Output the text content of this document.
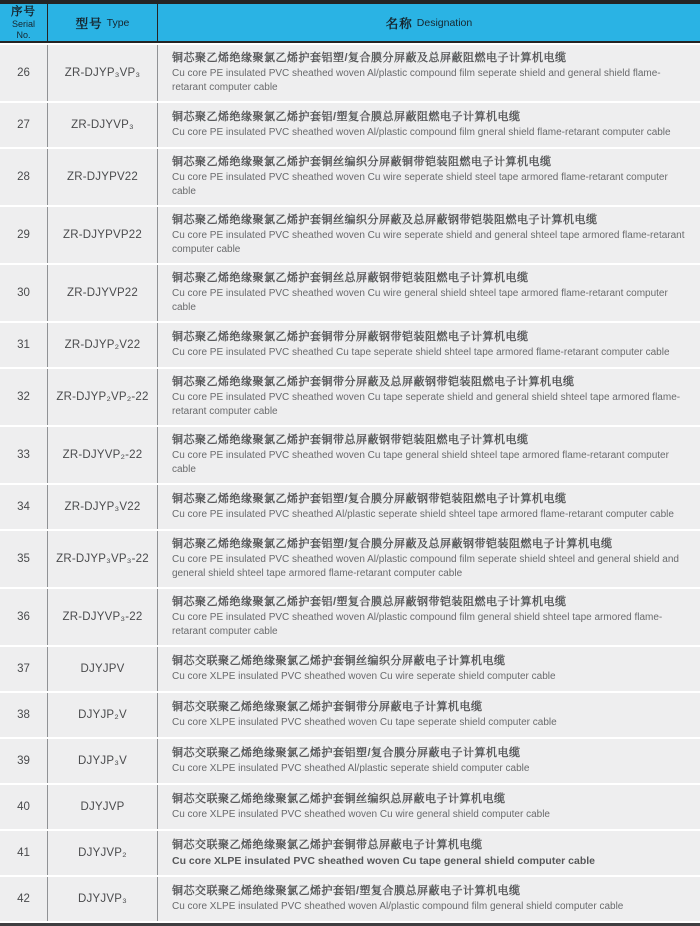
序号
Serial
No.
型号 Type	名称 Designation
26	ZR-DJYP₃VP₃
铜芯聚乙烯绝缘聚氯乙烯护套铝塑/复合膜分屏蔽及总屏蔽阻燃电子计算机电缆
Cu core PE insulated PVC sheathed woven Al/plastic compound film seperate shield and general shield flame-retarant computer cable
27	ZR-DJYVP₃
铜芯聚乙烯绝缘聚氯乙烯护套铝/塑复合膜总屏蔽阻燃电子计算机电缆
Cu core PE insulated PVC sheathed woven Al/plastic compound film gneral shield flame-retarant computer cable
28	ZR-DJYPV22
铜芯聚乙烯绝缘聚氯乙烯护套铜丝编织分屏蔽铜带铠装阻燃电子计算机电缆
Cu core PE insulated PVC sheathed woven Cu wire seperate shield steel tape armored flame-retarant computer cable
29	ZR-DJYPVP22
铜芯聚乙烯绝缘聚氯乙烯护套铜丝编织分屏蔽及总屏蔽钢带铠裝阻燃电子计算机电缆
Cu core PE insulated PVC sheathed woven Cu wire seperate shield and general shteel tape armored flame-retarant computer cable
30	ZR-DJYVP22
铜芯聚乙烯绝缘聚氯乙烯护套铜丝总屏蔽钢带铠装阻燃电子计算机电缆
Cu core PE insulated PVC sheathed woven Cu wire general shield shteel tape armored flame-retarant computer cable
31	ZR-DJYP₂V22
铜芯聚乙烯绝缘聚氯乙烯护套铜带分屏蔽钢带铠装阻燃电子计算机电缆
Cu core PE insulated PVC sheathed Cu tape seperate shield shteel tape armored flame-retarant computer cable
32 ZR-DJYP₂VP₂-22
铜芯聚乙烯绝缘聚氯乙烯护套铜带分屏蔽及总屏蔽钢带铠装阻燃电子计算机电缆
Cu core PE insulated PVC sheathed woven Cu tape seperate shield and general shield shteel tape armored flame-retarant computer cable
33	ZR-DJYVP₂-22
铜芯聚乙烯绝缘聚氯乙烯护套铜带总屏蔽钢带铠装阻燃电子计算机电缆
Cu core PE insulated PVC sheathed woven Cu tape general shield shteel tape armored flame-retarant computer cable
34	ZR-DJYP₃V22
铜芯聚乙烯绝缘聚氯乙烯护套铝塑/复合膜分屏蔽钢带铠装阻燃电子计算机电缆
Cu core PE insulated PVC sheathed Al/plastic seperate shield shteel tape armored flame-retarant computer cable
35 ZR-DJYP₃VP₃-22
铜芯聚乙烯绝缘聚氯乙烯护套铝塑/复合膜分屏蔽及总屏蔽钢带铠装阻燃电子计算机电缆
Cu core PE insulated PVC sheathed woven Al/plastic compound film seperate shield shteel and general shield and general shield shteel tape armored flame-retarant computer cable
36	ZR-DJYVP₃-22
铜芯聚乙烯绝缘聚氯乙烯护套铝/塑复合膜总屏蔽钢带铠装阻燃电子计算机电缆
Cu core PE insulated PVC sheathed woven Al/plastic compound film general shield shteel tape armored flame-retarant computer cable
37	DJYJPV
铜芯交联聚乙烯绝缘聚氯乙烯护套铜丝编织分屏蔽电子计算机电缆
Cu core XLPE insulated PVC sheathed woven Cu wire seperate shield computer cable
38	DJYJP₂V
铜芯交联聚乙烯绝缘聚氯乙烯护套铜带分屏蔽电子计算机电缆
Cu core XLPE insulated PVC sheathed woven Cu tape seperate shield computer cable
39	DJYJP₃V
铜芯交联聚乙烯绝缘聚氯乙烯护套铝塑/复合膜分屏蔽电子计算机电缆
Cu core XLPE insulated PVC sheathed Al/plastic seperate shield computer cable
40	DJYJVP
铜芯交联聚乙烯绝缘聚氯乙烯护套铜丝编织总屏蔽电子计算机电缆
Cu core XLPE insulated PVC sheathed woven Cu wire general shield computer cable
41	DJYJVP₂
铜芯交联聚乙烯绝缘聚氯乙烯护套铜带总屏蔽电子计算机电缆
Cu core XLPE insulated PVC sheathed woven Cu tape general shield computer cable
42	DJYJVP₃
铜芯交联聚乙烯绝缘聚氯乙烯护套铝/塑复合膜总屏蔽电子计算机电缆
Cu core XLPE insulated PVC sheathed woven Al/plastic compound film general shield computer cable
